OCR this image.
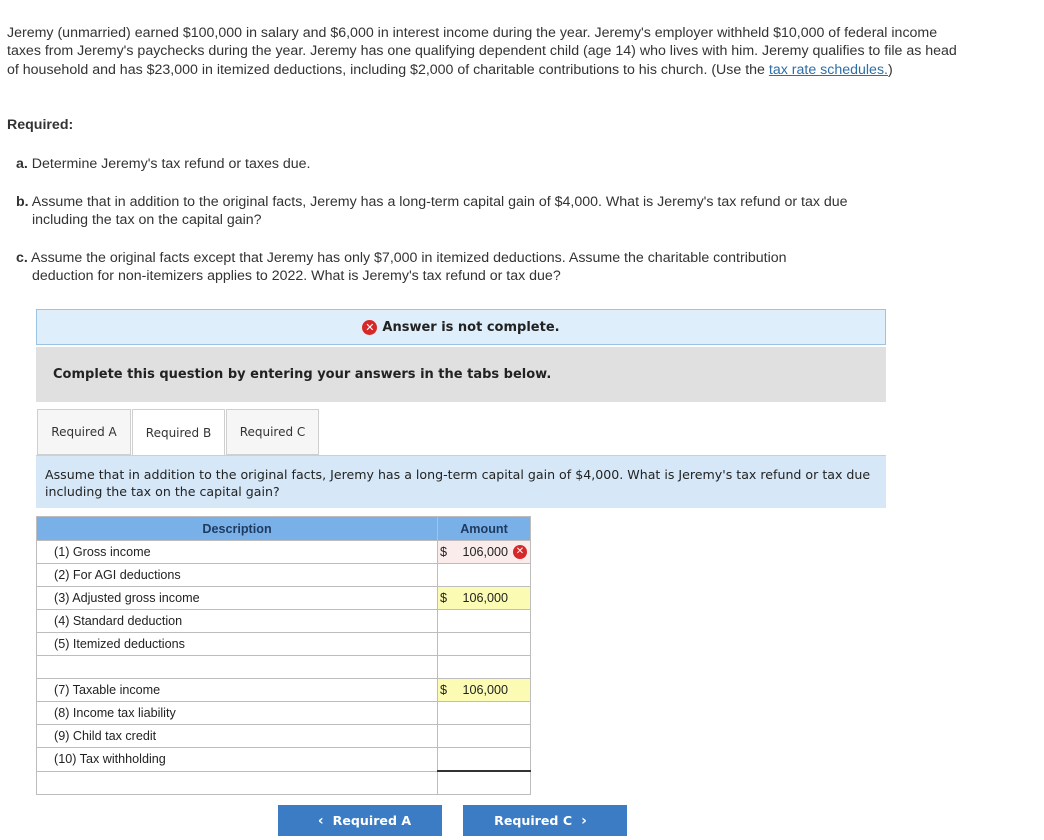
Jeremy (unmarried) earned $100,000 in salary and $6,000 in interest income during the year. Jeremy's employer withheld $10,000 of federal income taxes from Jeremy's paychecks during the year. Jeremy has one qualifying dependent child (age 14) who lives with him. Jeremy qualifies to file as head of household and has $23,000 in itemized deductions, including $2,000 of charitable contributions to his church. (Use the tax rate schedules.)
Required:
a. Determine Jeremy's tax refund or taxes due.
b. Assume that in addition to the original facts, Jeremy has a long-term capital gain of $4,000. What is Jeremy's tax refund or tax due
including the tax on the capital gain?
c. Assume the original facts except that Jeremy has only $7,000 in itemized deductions. Assume the charitable contribution
deduction for non-itemizers applies to 2022. What is Jeremy's tax refund or tax due?
✕ Answer is not complete.
Complete this question by entering your answers in the tabs below.
Required A	Required B	Required C
Assume that in addition to the original facts, Jeremy has a long-term capital gain of $4,000. What is Jeremy's tax refund or tax due including the tax on the capital gain?
Description	Amount
(1) Gross income	$ 106,000 ✕

(2) For AGI deductions	

(3) Adjusted gross income	$ 106,000

(4) Standard deduction	

(5) Itemized deductions	

(7) Taxable income	$ 106,000

(8) Income tax liability	

(9) Child tax credit	

(10) Tax withholding	

‹ Required A	Required C ›
